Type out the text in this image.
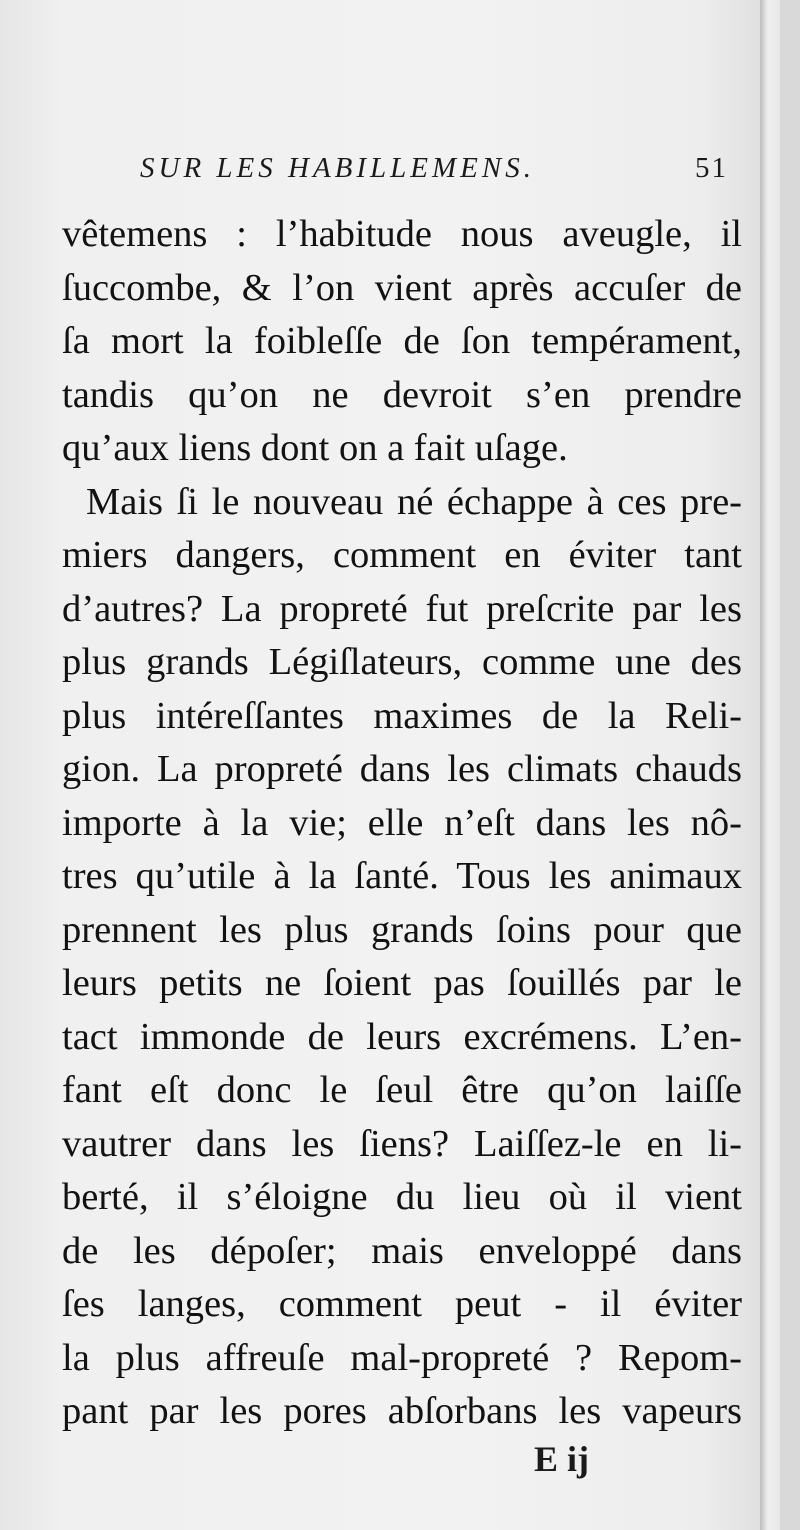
SUR LES HABILLEMENS.	51
vêtemens : l’habitude nous aveugle, il
ſuccombe, & l’on vient après accuſer de
ſa mort la foibleſſe de ſon tempérament,
tandis qu’on ne devroit s’en prendre
qu’aux liens dont on a fait uſage.
Mais ſi le nouveau né échappe à ces pre-
miers dangers, comment en éviter tant
d’autres? La propreté fut preſcrite par les
plus grands Légiſlateurs, comme une des
plus intéreſſantes maximes de la Reli-
gion. La propreté dans les climats chauds
importe à la vie; elle n’eſt dans les nô-
tres qu’utile à la ſanté. Tous les animaux
prennent les plus grands ſoins pour que
leurs petits ne ſoient pas ſouillés par le
tact immonde de leurs excrémens. L’en-
fant eſt donc le ſeul être qu’on laiſſe
vautrer dans les ſiens? Laiſſez-le en li-
berté, il s’éloigne du lieu où il vient
de les dépoſer; mais enveloppé dans
ſes langes, comment peut - il éviter
la plus affreuſe mal-propreté ? Repom-
pant par les pores abſorbans les vapeurs
E ij
